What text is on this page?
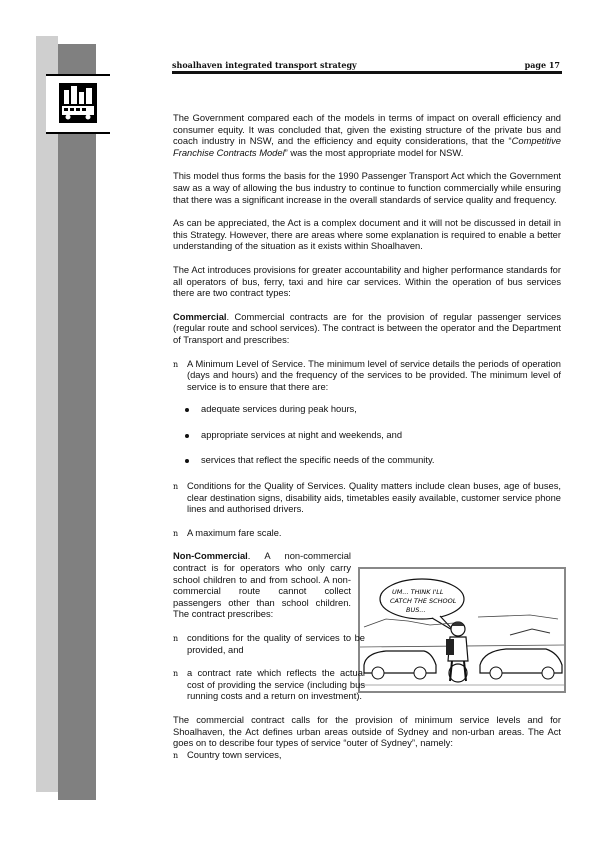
shoalhaven integrated transport strategy	page 17

The Government compared each of the models in terms of impact on overall efficiency and consumer equity. It was concluded that, given the existing structure of the private bus and coach industry in NSW, and the efficiency and equity considerations, that the “Competitive Franchise Contracts Model” was the most appropriate model for NSW.

This model thus forms the basis for the 1990 Passenger Transport Act which the Government saw as a way of allowing the bus industry to continue to function commercially while ensuring that there was a significant increase in the overall standards of service quality and frequency.

As can be appreciated, the Act is a complex document and it will not be discussed in detail in this Strategy. However, there are areas where some explanation is required to enable a better understanding of the situation as it exists within Shoalhaven.

The Act introduces provisions for greater accountability and higher performance standards for all operators of bus, ferry, taxi and hire car services. Within the operation of bus services there are two contract types:

Commercial. Commercial contracts are for the provision of regular passenger services (regular route and school services). The contract is between the operator and the Department of Transport and prescribes:

n A Minimum Level of Service. The minimum level of service details the periods of operation (days and hours) and the frequency of the services to be provided. The minimum level of service is to ensure that there are:
adequate services during peak hours,
appropriate services at night and weekends, and
services that reflect the specific needs of the community.
n Conditions for the Quality of Services. Quality matters include clean buses, age of buses, clear destination signs, disability aids, timetables easily available, customer service phone lines and authorised drivers.
n A maximum fare scale.
UM... THINK I'LL
CATCH THE SCHOOL
BUS...

Non-Commercial. A non-commercial contract is for operators who only carry school children to and from school. A non-commercial route cannot collect passengers other than school children. The contract prescribes:

n conditions for the quality of services to be provided, and
n a contract rate which reflects the actual cost of providing the service (including bus running costs and a return on investment).

The commercial contract calls for the provision of minimum service levels and for Shoalhaven, the Act defines urban areas outside of Sydney and non-urban areas. The Act goes on to describe four types of service “outer of Sydney”, namely:

n Country town services,
